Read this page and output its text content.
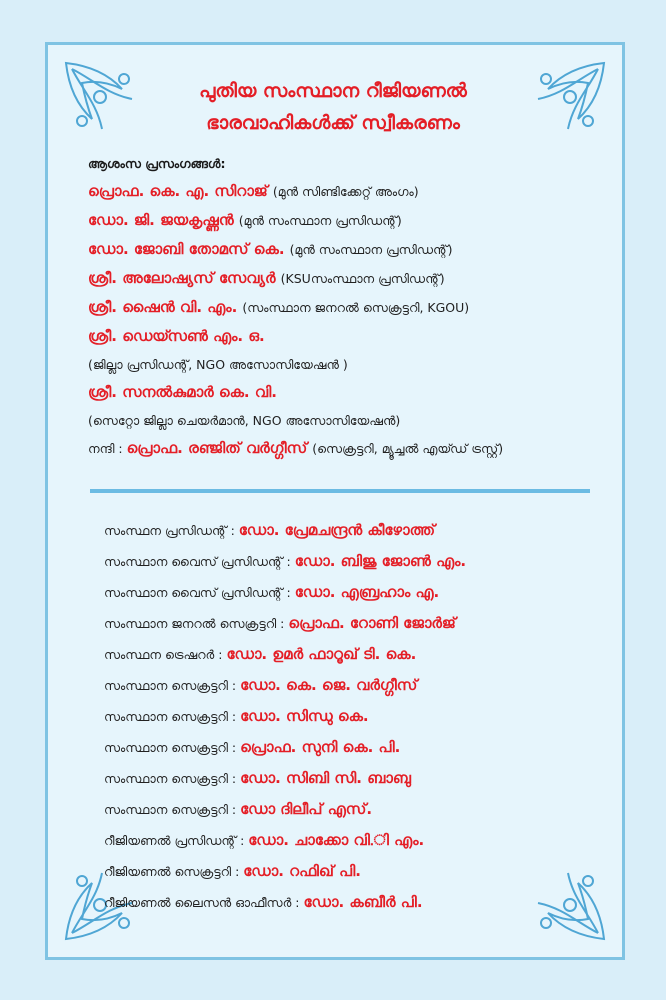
പുതിയ സംസ്ഥാന റീജിയണൽ
ഭാരവാഹികൾക്ക് സ്വീകരണം
ആശംസ പ്രസംഗങ്ങൾ:
പ്രൊഫ. കെ. എ. സിറാജ് (മുൻ സിണ്ടിക്കേറ്റ് അംഗം)
ഡോ. ജി. ജയകൃഷ്ണൻ (മുൻ സംസ്ഥാന പ്രസിഡന്റ്)
ഡോ. ജോബി തോമസ് കെ. (മുൻ സംസ്ഥാന പ്രസിഡന്റ്)
ശ്രീ. അലോഷ്യസ് സേവ്യർ (KSUസംസ്ഥാന പ്രസിഡന്റ്)
ശ്രീ. ഷൈൻ വി. എം. (സംസ്ഥാന ജനറൽ സെക്രട്ടറി, KGOU)
ശ്രീ. ഡെയ്സൺ എം. ഒ.
(ജില്ലാ പ്രസിഡന്റ്, NGO അസോസിയേഷൻ )
ശ്രീ. സനൽകുമാർ കെ. വി.
(സെറ്റോ ജില്ലാ ചെയർമാൻ, NGO അസോസിയേഷൻ)
നന്ദി : പ്രൊഫ. രഞ്ജിത് വർഗ്ഗീസ് (സെക്രട്ടറി, മ്യൂച്ചൽ എയ്ഡ് ട്രസ്റ്റ്)
സംസ്ഥന പ്രസിഡന്റ് : ഡോ. പ്രേമചന്ദ്രൻ കീഴോത്ത്
സംസ്ഥാന വൈസ് പ്രസിഡന്റ് : ഡോ. ബിജു ജോൺ എം.
സംസ്ഥാന വൈസ് പ്രസിഡന്റ് : ഡോ. എബ്രഹാം എ.
സംസ്ഥാന ജനറൽ സെക്രട്ടറി : പ്രൊഫ. റോണി ജോർജ്
സംസ്ഥന ട്രെഷറർ : ഡോ. ഉമർ ഫാറൂഖ് ടി. കെ.
സംസ്ഥാന സെക്രട്ടറി : ഡോ. കെ. ജെ. വർഗ്ഗീസ്
സംസ്ഥാന സെക്രട്ടറി : ഡോ. സിന്ധു കെ.
സംസ്ഥാന സെക്രട്ടറി : പ്രൊഫ. സുനി കെ. പി.
സംസ്ഥാന സെക്രട്ടറി : ഡോ. സിബി സി. ബാബു
സംസ്ഥാന സെക്രട്ടറി : ഡോ ദിലീപ് എസ്.
റീജിയണൽ പ്രസിഡന്റ് : ഡോ. ചാക്കോ വി.ി എം.
റീജിയണൽ സെക്രട്ടറി : ഡോ. റഫിഖ് പി.
റീജിയണൽ ലൈസൻ ഓഫീസർ : ഡോ. കബീർ പി.
